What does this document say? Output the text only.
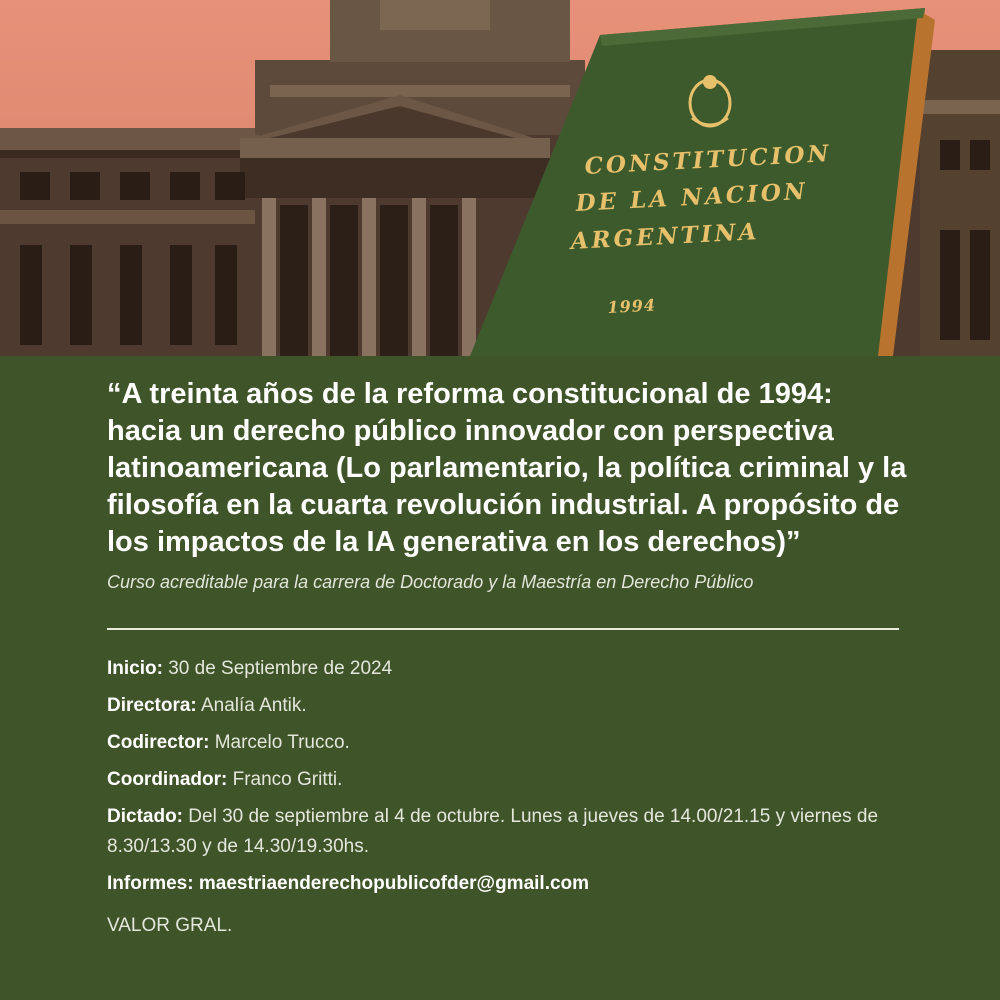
CONSTITUCION
DE LA NACION
ARGENTINA
1994
“A treinta años de la reforma constitucional de 1994: hacia un derecho público innovador con perspectiva latinoamericana (Lo parlamentario, la política criminal y la filosofía en la cuarta revolución industrial. A propósito de los impactos de la IA generativa en los derechos)”

Curso acreditable para la carrera de Doctorado y la Maestría en Derecho Público

Inicio: 30 de Septiembre de 2024
Directora: Analía Antik.
Codirector: Marcelo Trucco.
Coordinador: Franco Gritti.
Dictado: Del 30 de septiembre al 4 de octubre. Lunes a jueves de 14.00/21.15 y viernes de 8.30/13.30 y de 14.30/19.30hs.
Informes: maestriaenderechopublicofder@gmail.com
VALOR GRAL.
